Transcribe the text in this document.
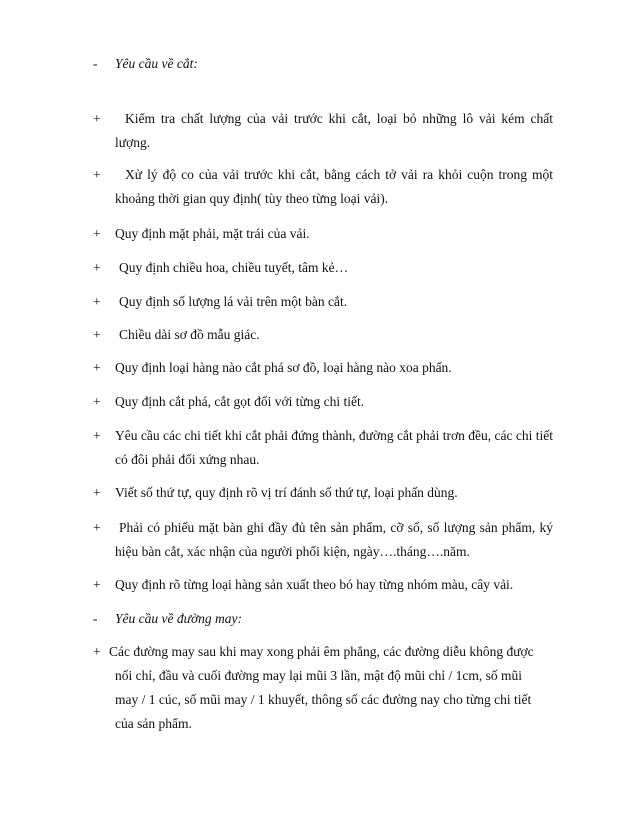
-	Yêu cầu về cắt:
+	Kiểm tra chất lượng của vải trước khi cắt, loại bỏ những lô vải kém chất lượng.
+	Xử lý độ co của vải trước khi cắt, bằng cách tở vải ra khỏi cuộn trong một khoảng thời gian quy định( tùy theo từng loại vải).
+	Quy định mặt phải, mặt trái của vải.
+	Quy định chiều hoa, chiều tuyết, tâm kẻ…
+	Quy định số lượng lá vải trên một bàn cắt.
+	Chiều dài sơ đồ mẫu giác.
+	Quy định loại hàng nào cắt phá sơ đồ, loại hàng nào xoa phấn.
+	Quy định cắt phá, cắt gọt đối với từng chi tiết.
+	Yêu cầu các chi tiết khi cắt phải đứng thành, đường cắt phải trơn đều, các chi tiết có đôi phải đối xứng nhau.
+	Viết số thứ tự, quy định rõ vị trí đánh số thứ tự, loại phấn dùng.
+	Phải có phiếu mặt bàn ghi đầy đủ tên sản phẩm, cỡ số, số lượng sản phẩm, ký hiệu bàn cắt, xác nhận của người phối kiện, ngày….tháng….năm.
+	Quy định rõ từng loại hàng sản xuất theo bó hay từng nhóm màu, cây vải.
-	Yêu cầu về đường may:
+ Các đường may sau khi may xong phải êm phẳng, các đường diễu không được nối chỉ, đầu và cuối đường may lại mũi 3 lần, mật độ mũi chỉ / 1cm, số mũi may / 1 cúc, số mũi may / 1 khuyết, thông số các đường nay cho từng chi tiết của sản phẩm.
